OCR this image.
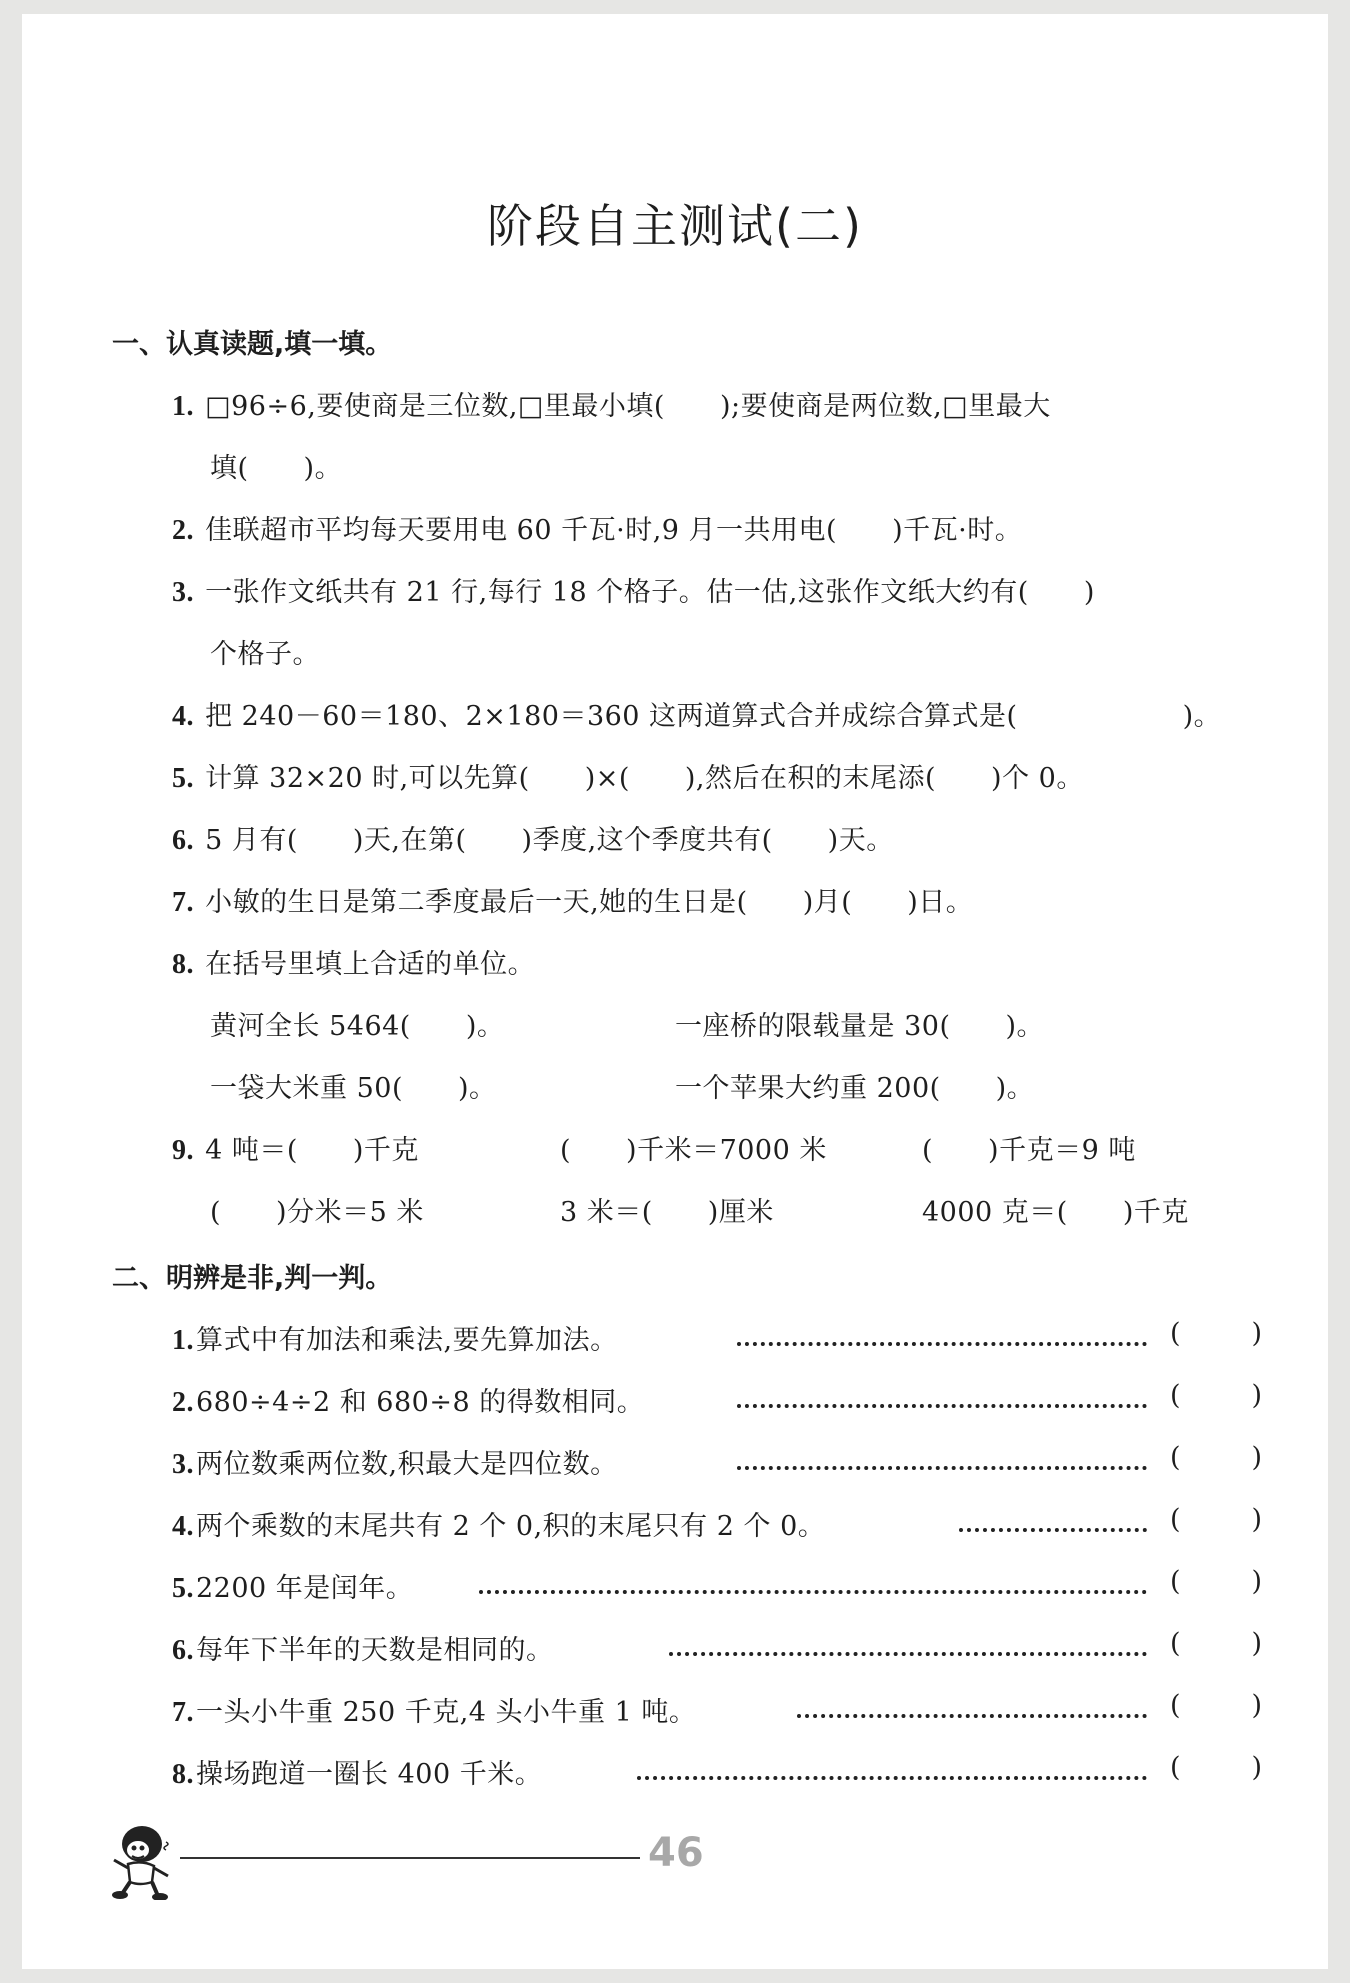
阶段自主测试(二)
一、认真读题,填一填。
1. □96÷6,要使商是三位数,□里最小填(　　);要使商是两位数,□里最大
填(　　)。
2. 佳联超市平均每天要用电 60 千瓦·时,9 月一共用电(　　)千瓦·时。
3. 一张作文纸共有 21 行,每行 18 个格子。估一估,这张作文纸大约有(　　)
个格子。
4. 把 240－60＝180、2×180＝360 这两道算式合并成综合算式是(　　　　　　)。
5. 计算 32×20 时,可以先算(　　)×(　　),然后在积的末尾添(　　)个 0。
6. 5 月有(　　)天,在第(　　)季度,这个季度共有(　　)天。
7. 小敏的生日是第二季度最后一天,她的生日是(　　)月(　　)日。
8. 在括号里填上合适的单位。
黄河全长 5464(　　)。	一座桥的限载量是 30(　　)。
一袋大米重 50(　　)。	一个苹果大约重 200(　　)。
9. 4 吨＝(　　)千克	(　　)千米＝7000 米	(　　)千克＝9 吨
(　　)分米＝5 米	3 米＝(　　)厘米	4000 克＝(　　)千克
二、明辨是非,判一判。
1.算式中有加法和乘法,要先算加法。	(	)
2.680÷4÷2 和 680÷8 的得数相同。	(	)
3.两位数乘两位数,积最大是四位数。	(	)
4.两个乘数的末尾共有 2 个 0,积的末尾只有 2 个 0。	(	)
5.2200 年是闰年。	(	)
6.每年下半年的天数是相同的。	(	)
7.一头小牛重 250 千克,4 头小牛重 1 吨。	(	)
8.操场跑道一圈长 400 千米。	(	)
46
